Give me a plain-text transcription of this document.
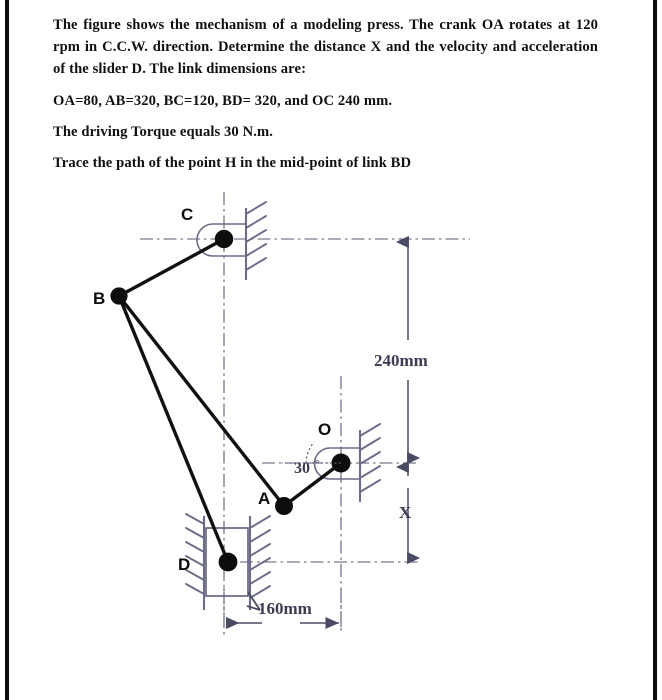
The figure shows the mechanism of a modeling press. The crank OA rotates at 120 rpm in C.C.W. direction. Determine the distance X and the velocity and acceleration of the slider D. The link dimensions are:

OA=80, AB=320, BC=120, BD= 320, and OC 240 mm.

The driving Torque equals 30 N.m.

Trace the path of the point H in the mid-point of link BD

C
B
A
O
D
30 °
240mm
X
160mm
